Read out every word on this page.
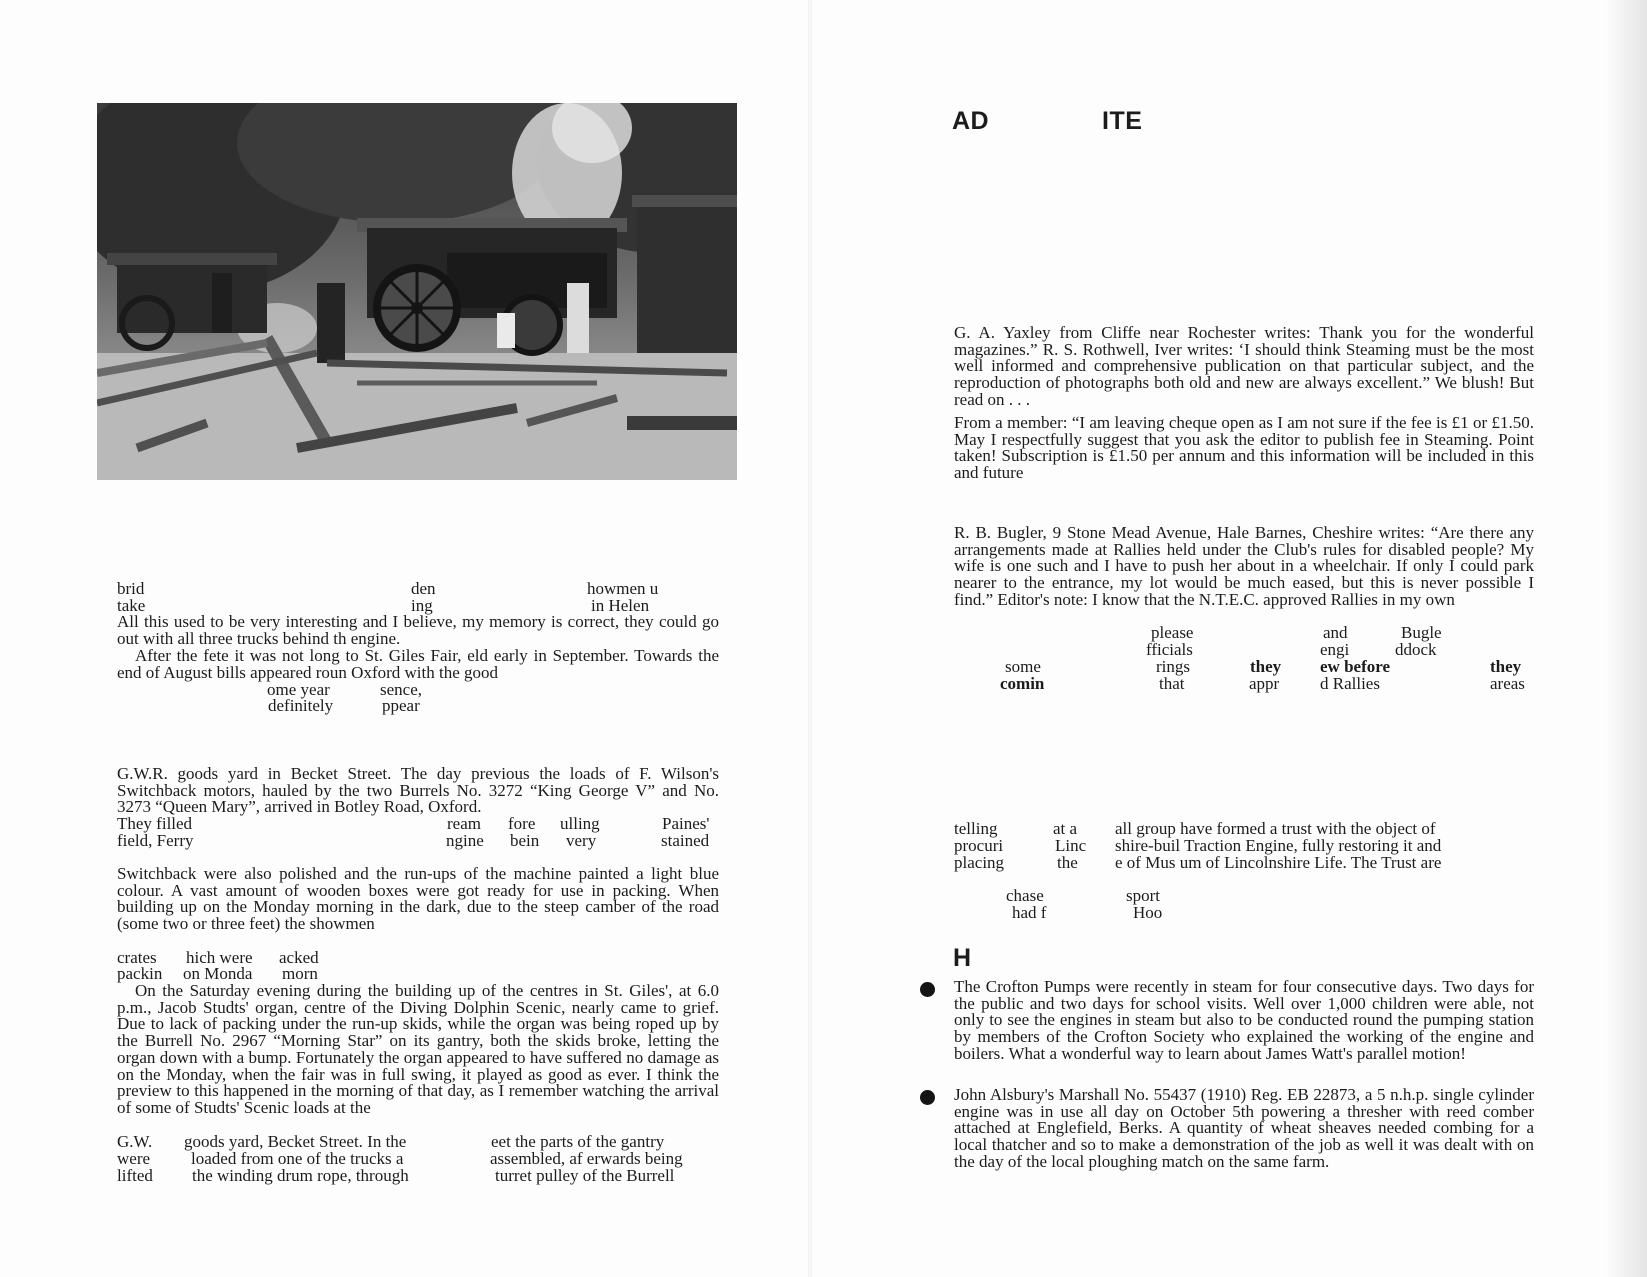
brid	den	howmen u
take	ing	in Helen

All this used to be very interesting and I believe, my memory is correct, they could go out with all three trucks behind th engine.

After the fete it was not long to St. Giles Fair, eld early in September. Towards the end of August bills appeared roun Oxford with the good

ome year	sence,
definitely	ppear

G.W.R. goods yard in Becket Street. The day previous the loads of F. Wilson's Switchback motors, hauled by the two Burrels No. 3272 “King George V” and No. 3273 “Queen Mary”, arrived in Botley Road, Oxford.

They filled	ream fore ulling	Paines'
field, Ferry	ngine bein very	stained

Switchback were also polished and the run-ups of the machine painted a light blue colour. A vast amount of wooden boxes were got ready for use in packing. When building up on the Monday morning in the dark, due to the steep camber of the road (some two or three feet) the showmen

crates hich were acked
packin on Monda morn

On the Saturday evening during the building up of the centres in St. Giles', at 6.0 p.m., Jacob Studts' organ, centre of the Diving Dolphin Scenic, nearly came to grief. Due to lack of packing under the run-up skids, while the organ was being roped up by the Burrell No. 2967 “Morning Star” on its gantry, both the skids broke, letting the organ down with a bump. Fortunately the organ appeared to have suffered no damage as on the Monday, when the fair was in full swing, it played as good as ever. I think the preview to this happened in the morning of that day, as I remember watching the arrival of some of Studts' Scenic loads at the

G.W. goods yard, Becket Street. In the	eet the parts of the gantry
were loaded from one of the trucks a	assembled, af erwards being
lifted the winding drum rope, through	turret pulley of the Burrell
AD	ITE

G. A. Yaxley from Cliffe near Rochester writes: Thank you for the wonderful magazines.” R. S. Rothwell, Iver writes: ‘I should think Steaming must be the most well informed and comprehensive publication on that particular subject, and the reproduction of photographs both old and new are always excellent.” We blush! But read on . . .

From a member: “I am leaving cheque open as I am not sure if the fee is £1 or £1.50. May I respectfully suggest that you ask the editor to publish fee in Steaming. Point taken! Subscription is £1.50 per annum and this information will be included in this and future

R. B. Bugler, 9 Stone Mead Avenue, Hale Barnes, Cheshire writes: “Are there any arrangements made at Rallies held under the Club's rules for disabled people? My wife is one such and I have to push her about in a wheelchair. If only I could park nearer to the entrance, my lot would be much eased, but this is never possible I find.” Editor's note: I know that the N.T.E.C. approved Rallies in my own

please	and	Bugle
fficials	engi	ddock
some	rings	they ew before	they
comin	that	appr d Rallies	areas
telling	at a all group have formed a trust with the object of
procuri	Linc shire-buil Traction Engine, fully restoring it and
placing	the e of Mus um of Lincolnshire Life. The Trust are
chase	sport
had f	Hoo
H

The Crofton Pumps were recently in steam for four consecutive days. Two days for the public and two days for school visits. Well over 1,000 children were able, not only to see the engines in steam but also to be conducted round the pumping station by members of the Crofton Society who explained the working of the engine and boilers. What a wonderful way to learn about James Watt's parallel motion!

John Alsbury's Marshall No. 55437 (1910) Reg. EB 22873, a 5 n.h.p. single cylinder engine was in use all day on October 5th powering a thresher with reed comber attached at Englefield, Berks. A quantity of wheat sheaves needed combing for a local thatcher and so to make a demonstration of the job as well it was dealt with on the day of the local ploughing match on the same farm.
